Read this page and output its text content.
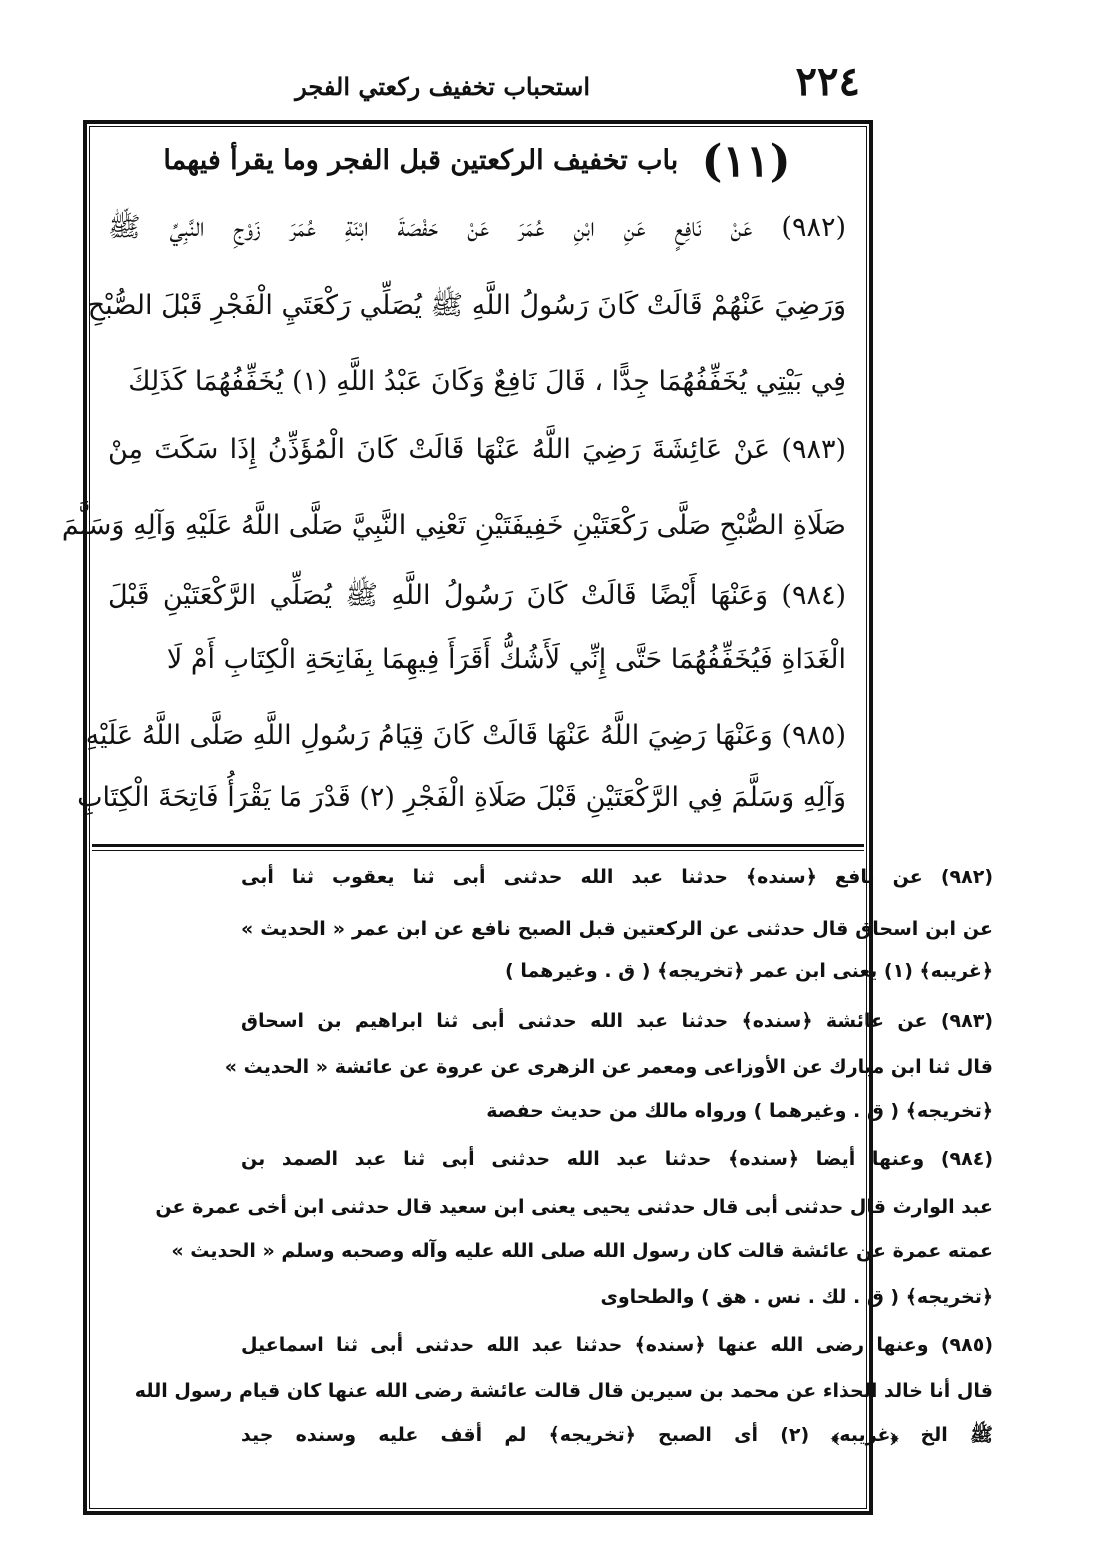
٢٢٤
استحباب تخفيف ركعتي الفجر
(١١) باب تخفيف الركعتين قبل الفجر وما يقرأ فيهما
(٩٨٢) عَنْ نَافِعٍ عَنِ ابْنِ عُمَرَ عَنْ حَفْصَةَ ابْنَةِ عُمَرَ زَوْجِ النَّبِيِّ ﷺ
وَرَضِيَ عَنْهُمْ قَالَتْ كَانَ رَسُولُ اللَّهِ ﷺ يُصَلِّي رَكْعَتَيِ الْفَجْرِ قَبْلَ الصُّبْحِ
فِي بَيْتِي يُخَفِّفُهُمَا جِدًّا ، قَالَ نَافِعٌ وَكَانَ عَبْدُ اللَّهِ (١) يُخَفِّفُهُمَا كَذَلِكَ
(٩٨٣) عَنْ عَائِشَةَ رَضِيَ اللَّهُ عَنْهَا قَالَتْ كَانَ الْمُؤَذِّنُ إِذَا سَكَتَ مِنْ
صَلَاةِ الصُّبْحِ صَلَّى رَكْعَتَيْنِ خَفِيفَتَيْنِ تَعْنِي النَّبِيَّ صَلَّى اللَّهُ عَلَيْهِ وَآلِهِ وَسَلَّمَ
(٩٨٤) وَعَنْهَا أَيْضًا قَالَتْ كَانَ رَسُولُ اللَّهِ ﷺ يُصَلِّي الرَّكْعَتَيْنِ قَبْلَ
الْغَدَاةِ فَيُخَفِّفُهُمَا حَتَّى إِنِّي لَأَشُكُّ أَقَرَأَ فِيهِمَا بِفَاتِحَةِ الْكِتَابِ أَمْ لَا
(٩٨٥) وَعَنْهَا رَضِيَ اللَّهُ عَنْهَا قَالَتْ كَانَ قِيَامُ رَسُولِ اللَّهِ صَلَّى اللَّهُ عَلَيْهِ
وَآلِهِ وَسَلَّمَ فِي الرَّكْعَتَيْنِ قَبْلَ صَلَاةِ الْفَجْرِ (٢) قَدْرَ مَا يَقْرَأُ فَاتِحَةَ الْكِتَابِ
(٩٨٢) عن نافع ﴿سنده﴾ حدثنا عبد الله حدثنى أبى ثنا يعقوب ثنا أبى
عن ابن اسحاق قال حدثنى عن الركعتين قبل الصبح نافع عن ابن عمر « الحديث »
﴿غريبه﴾ (١) يعنى ابن عمر ﴿تخريجه﴾ ( ق . وغيرهما )
(٩٨٣) عن عائشة ﴿سنده﴾ حدثنا عبد الله حدثنى أبى ثنا ابراهيم بن اسحاق
قال ثنا ابن مبارك عن الأوزاعى ومعمر عن الزهرى عن عروة عن عائشة « الحديث »
﴿تخريجه﴾ ( ق . وغيرهما ) ورواه مالك من حديث حفصة
(٩٨٤) وعنها أيضا ﴿سنده﴾ حدثنا عبد الله حدثنى أبى ثنا عبد الصمد بن
عبد الوارث قال حدثنى أبى قال حدثنى يحيى يعنى ابن سعيد قال حدثنى ابن أخى عمرة عن
عمته عمرة عن عائشة قالت كان رسول الله صلى الله عليه وآله وصحبه وسلم « الحديث »
﴿تخريجه﴾ ( ق . لك . نس . هق ) والطحاوى
(٩٨٥) وعنها رضى الله عنها ﴿سنده﴾ حدثنا عبد الله حدثنى أبى ثنا اسماعيل
قال أنا خالد الحذاء عن محمد بن سيرين قال قالت عائشة رضى الله عنها كان قيام رسول الله
ﷺ الخ ﴿غريبه﴾ (٢) أى الصبح ﴿تخريجه﴾ لم أقف عليه وسنده جيد
